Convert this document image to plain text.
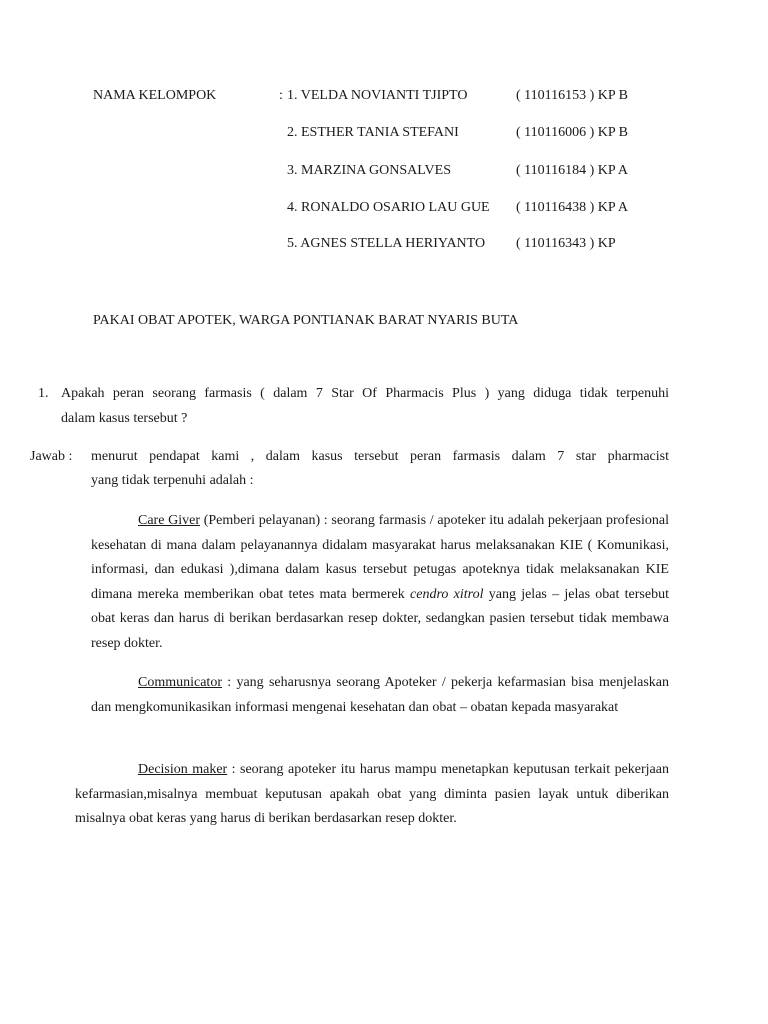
NAMA KELOMPOK	: 1. VELDA NOVIANTI TJIPTO	( 110116153 ) KP B
2. ESTHER TANIA STEFANI	( 110116006 ) KP B
3. MARZINA GONSALVES	( 110116184 ) KP A
4. RONALDO OSARIO LAU GUE ( 110116438 ) KP A
5. AGNES STELLA HERIYANTO ( 110116343 ) KP
PAKAI OBAT APOTEK, WARGA PONTIANAK BARAT NYARIS BUTA
1. Apakah peran seorang farmasis ( dalam 7 Star Of Pharmacis Plus ) yang diduga tidak terpenuhi
dalam kasus tersebut ?
Jawab : menurut pendapat kami , dalam kasus tersebut peran farmasis dalam 7 star pharmacist
yang tidak terpenuhi adalah :
Care Giver (Pemberi pelayanan) : seorang farmasis / apoteker itu adalah pekerjaan profesional kesehatan di mana dalam pelayanannya didalam masyarakat harus melaksanakan KIE ( Komunikasi, informasi, dan edukasi ),dimana dalam kasus tersebut petugas apoteknya tidak melaksanakan KIE dimana mereka memberikan obat tetes mata bermerek cendro xitrol yang jelas – jelas obat tersebut obat keras dan harus di berikan berdasarkan resep dokter, sedangkan pasien tersebut tidak membawa resep dokter.
Communicator : yang seharusnya seorang Apoteker / pekerja kefarmasian bisa menjelaskan dan mengkomunikasikan informasi mengenai kesehatan dan obat – obatan kepada masyarakat
Decision maker : seorang apoteker itu harus mampu menetapkan keputusan terkait pekerjaan kefarmasian,misalnya membuat keputusan apakah obat yang diminta pasien layak untuk diberikan misalnya obat keras yang harus di berikan berdasarkan resep dokter.
